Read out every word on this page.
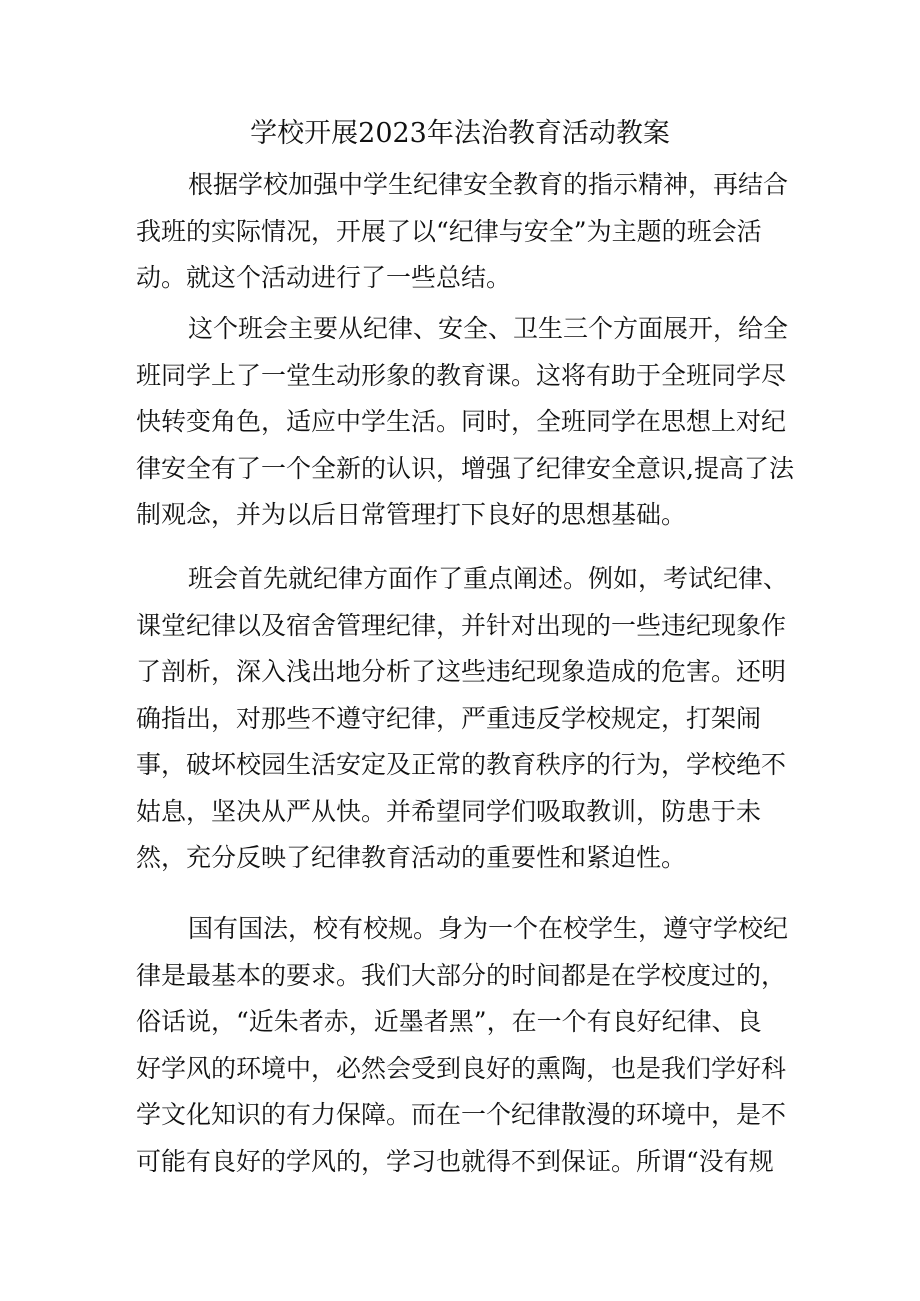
学校开展2023年法治教育活动教案

根据学校加强中学生纪律安全教育的指示精神，再结合
我班的实际情况，开展了以“纪律与安全”为主题的班会活
动。就这个活动进行了一些总结。

这个班会主要从纪律、安全、卫生三个方面展开，给全
班同学上了一堂生动形象的教育课。这将有助于全班同学尽
快转变角色，适应中学生活。同时，全班同学在思想上对纪
律安全有了一个全新的认识，增强了纪律安全意识,提高了法
制观念，并为以后日常管理打下良好的思想基础。

班会首先就纪律方面作了重点阐述。例如，考试纪律、
课堂纪律以及宿舍管理纪律，并针对出现的一些违纪现象作
了剖析，深入浅出地分析了这些违纪现象造成的危害。还明
确指出，对那些不遵守纪律，严重违反学校规定，打架闹
事，破坏校园生活安定及正常的教育秩序的行为，学校绝不
姑息，坚决从严从快。并希望同学们吸取教训，防患于未
然，充分反映了纪律教育活动的重要性和紧迫性。

国有国法，校有校规。身为一个在校学生，遵守学校纪
律是最基本的要求。我们大部分的时间都是在学校度过的，
俗话说，“近朱者赤，近墨者黑”，在一个有良好纪律、良
好学风的环境中，必然会受到良好的熏陶，也是我们学好科
学文化知识的有力保障。而在一个纪律散漫的环境中，是不
可能有良好的学风的，学习也就得不到保证。所谓“没有规
